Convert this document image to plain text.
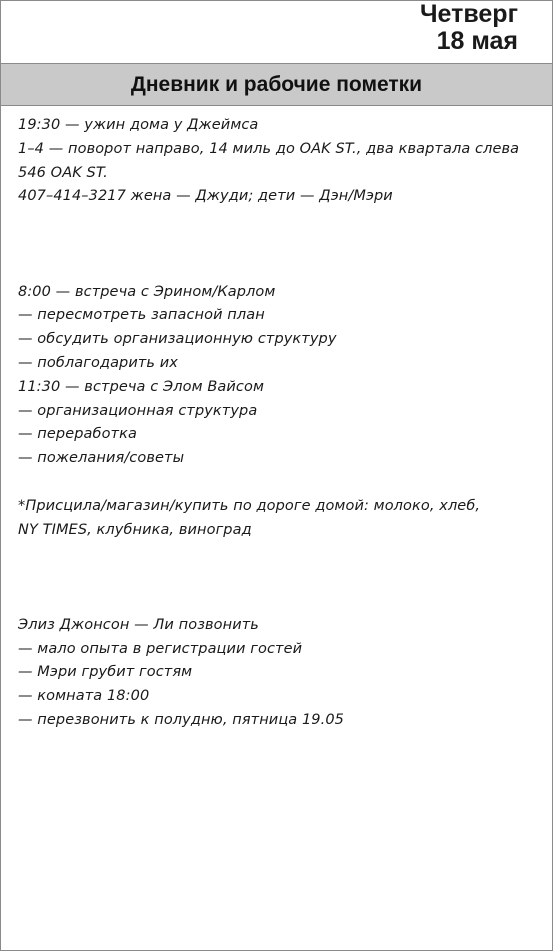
Четверг
18 мая
Дневник и рабочие пометки
19:30 — ужин дома у Джеймса
1–4 — поворот направо, 14 миль до OAK ST., два квартала слева
546 OAK ST.
407–414–3217 жена — Джуди; дети — Дэн/Мэри
8:00 — встреча с Эрином/Карлом
— пересмотреть запасной план
— обсудить организационную структуру
— поблагодарить их
11:30 — встреча с Элом Вайсом
— организационная структура
— переработка
— пожелания/советы
*Присцила/магазин/купить по дороге домой: молоко, хлеб,
NY TIMES, клубника, виноград
Элиз Джонсон — Ли позвонить
— мало опыта в регистрации гостей
— Мэри грубит гостям
— комната 18:00
— перезвонить к полудню, пятница 19.05
